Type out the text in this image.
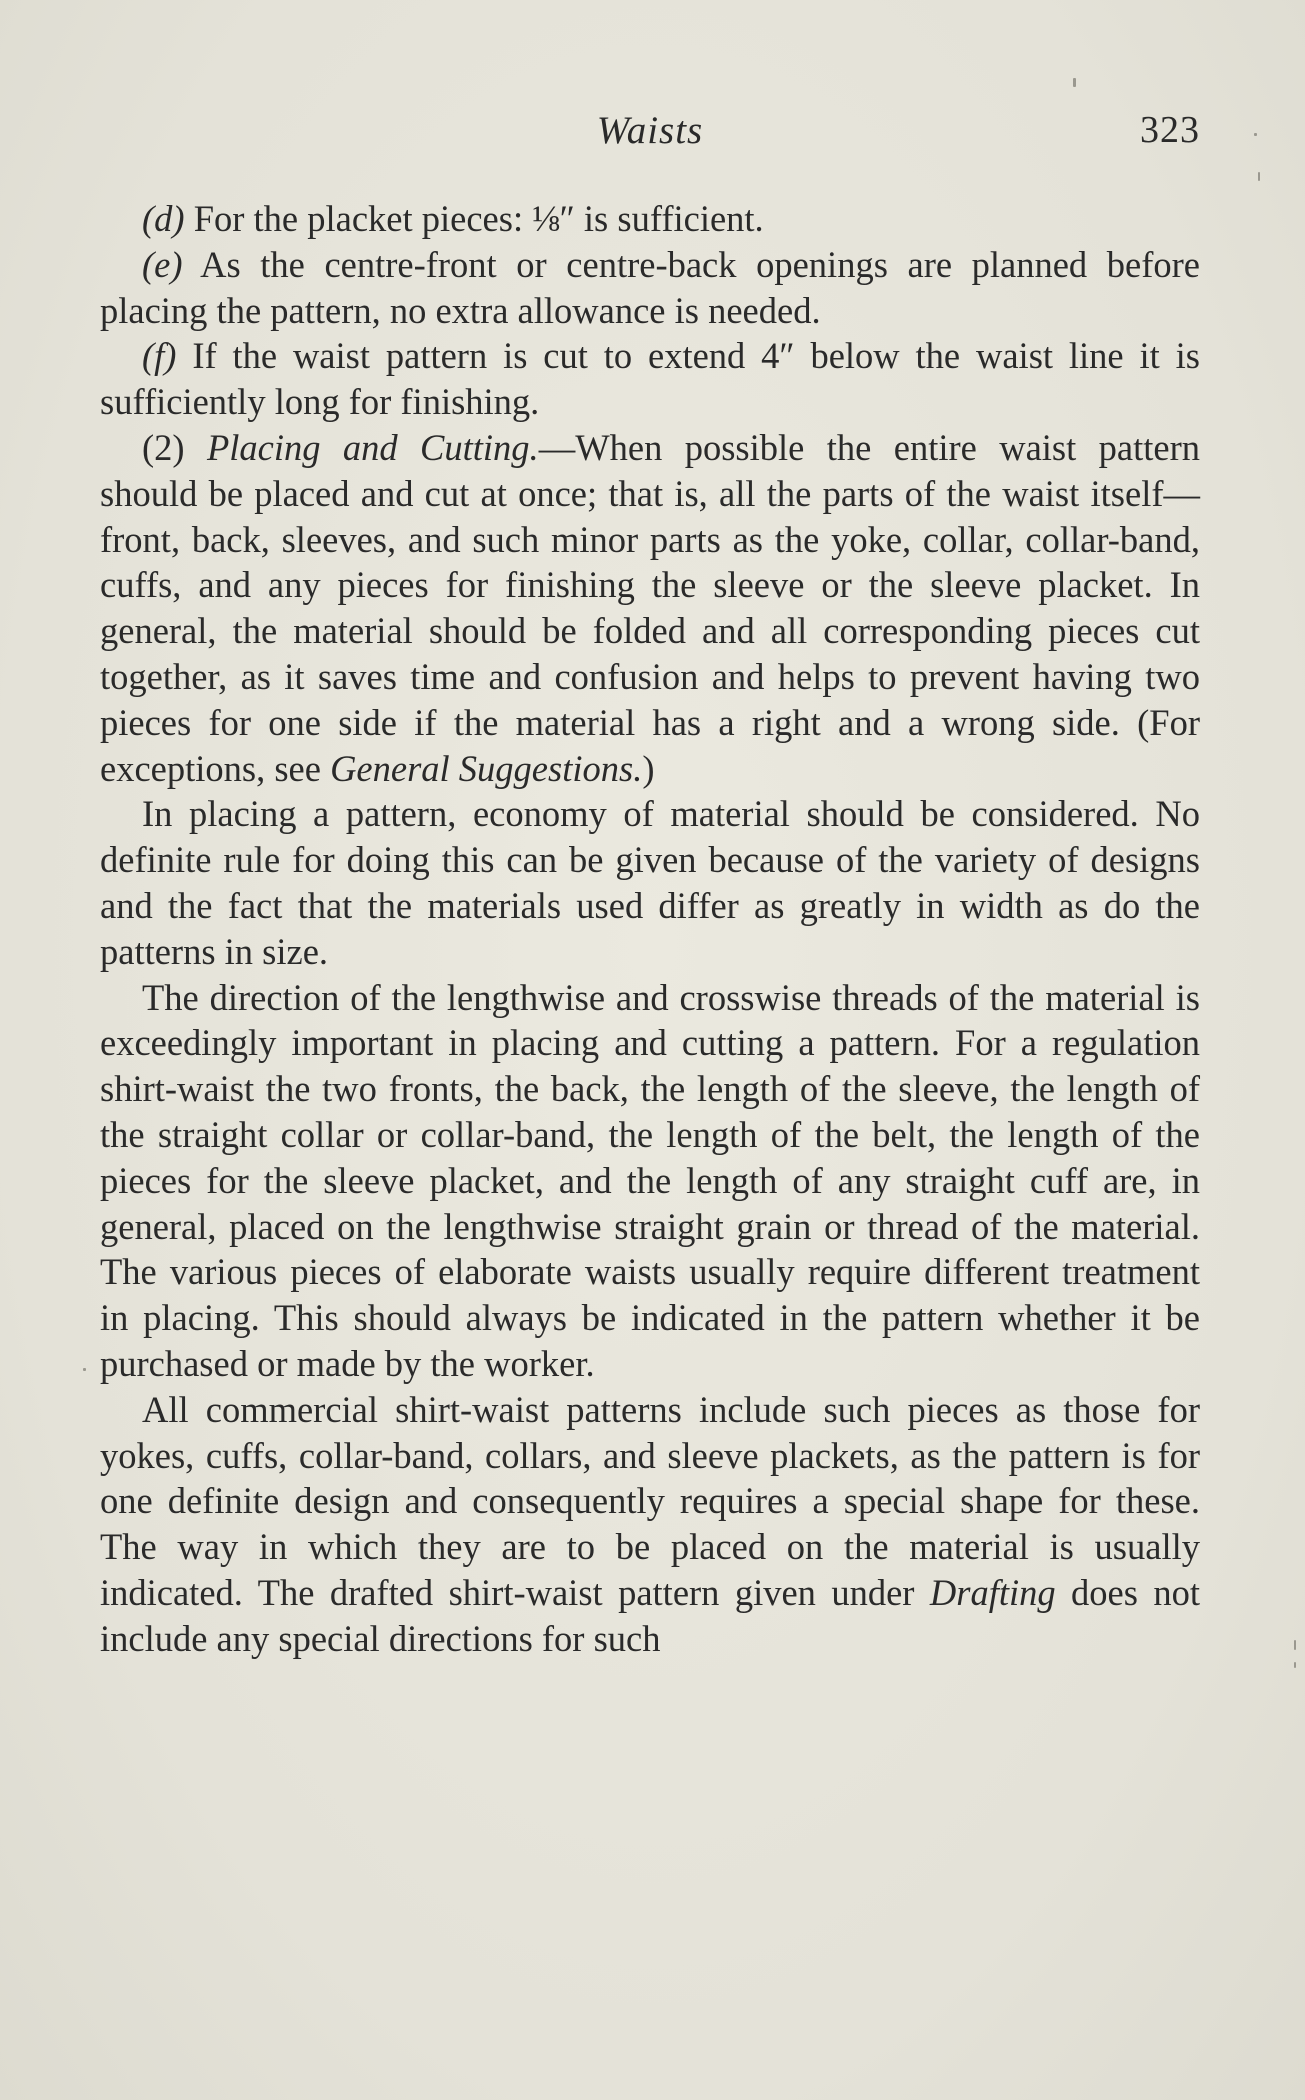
Waists	323

(d) For the placket pieces: ⅛″ is sufficient.

(e) As the centre-front or centre-back openings are planned before placing the pattern, no extra allowance is needed.

(f) If the waist pattern is cut to extend 4″ below the waist line it is sufficiently long for finishing.

(2) Placing and Cutting.—When possible the entire waist pattern should be placed and cut at once; that is, all the parts of the waist itself—front, back, sleeves, and such minor parts as the yoke, collar, collar-band, cuffs, and any pieces for finishing the sleeve or the sleeve placket. In general, the material should be folded and all corresponding pieces cut together, as it saves time and confusion and helps to prevent having two pieces for one side if the material has a right and a wrong side. (For exceptions, see General Suggestions.)

In placing a pattern, economy of material should be considered. No definite rule for doing this can be given because of the variety of designs and the fact that the materials used differ as greatly in width as do the patterns in size.

The direction of the lengthwise and crosswise threads of the material is exceedingly important in placing and cutting a pattern. For a regulation shirt-waist the two fronts, the back, the length of the sleeve, the length of the straight collar or collar-band, the length of the belt, the length of the pieces for the sleeve placket, and the length of any straight cuff are, in general, placed on the lengthwise straight grain or thread of the material. The various pieces of elaborate waists usually require different treatment in placing. This should always be indicated in the pattern whether it be purchased or made by the worker.

All commercial shirt-waist patterns include such pieces as those for yokes, cuffs, collar-band, collars, and sleeve plackets, as the pattern is for one definite design and consequently requires a special shape for these. The way in which they are to be placed on the material is usually indicated. The drafted shirt-waist pattern given under Drafting does not include any special directions for such
